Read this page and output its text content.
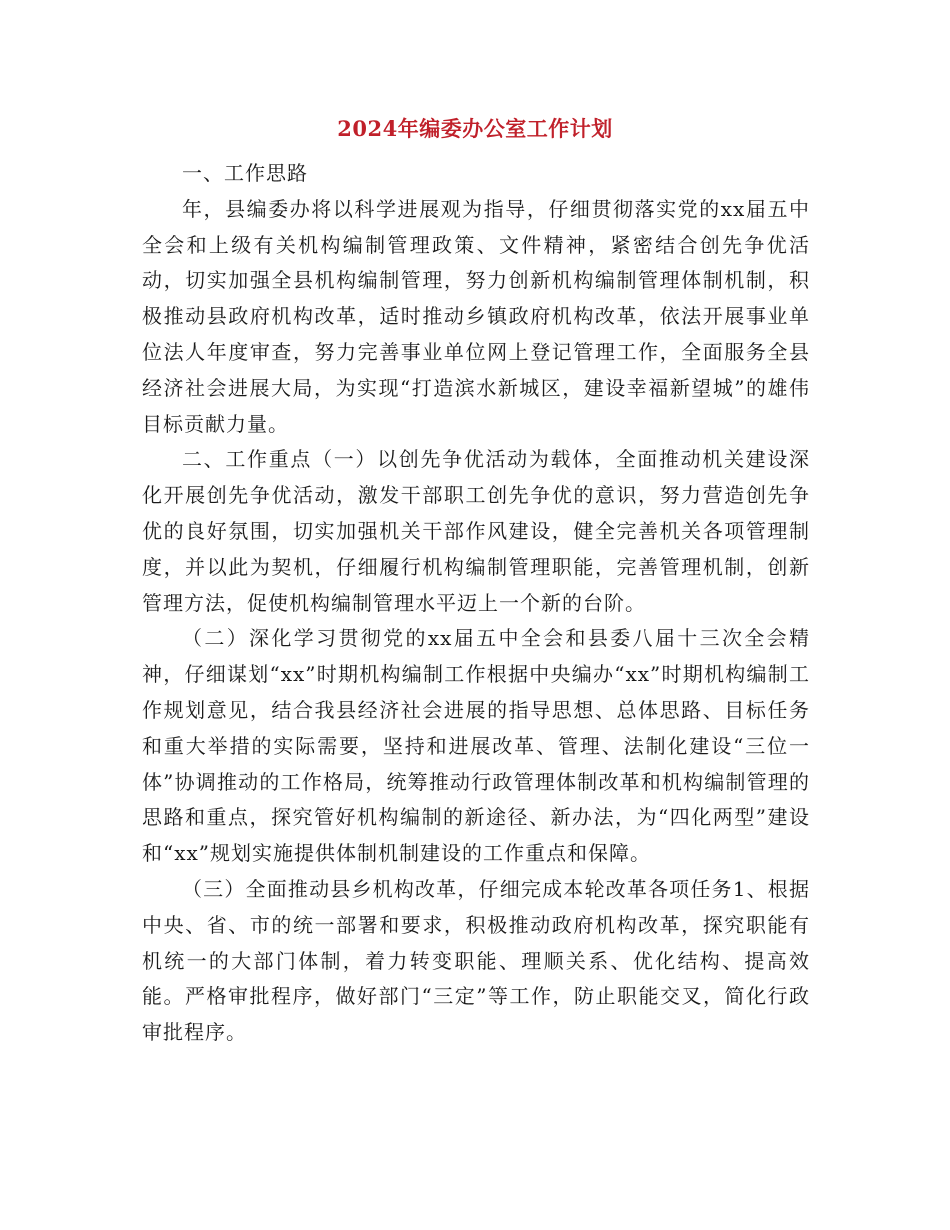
2024年编委办公室工作计划

一、工作思路

年，县编委办将以科学进展观为指导，仔细贯彻落实党的xx届五中全会和上级有关机构编制管理政策、文件精神，紧密结合创先争优活动，切实加强全县机构编制管理，努力创新机构编制管理体制机制，积极推动县政府机构改革，适时推动乡镇政府机构改革，依法开展事业单位法人年度审查，努力完善事业单位网上登记管理工作，全面服务全县经济社会进展大局，为实现“打造滨水新城区，建设幸福新望城”的雄伟目标贡献力量。

二、工作重点（一）以创先争优活动为载体，全面推动机关建设深化开展创先争优活动，激发干部职工创先争优的意识，努力营造创先争优的良好氛围，切实加强机关干部作风建设，健全完善机关各项管理制度，并以此为契机，仔细履行机构编制管理职能，完善管理机制，创新管理方法，促使机构编制管理水平迈上一个新的台阶。

（二）深化学习贯彻党的xx届五中全会和县委八届十三次全会精神，仔细谋划“xx”时期机构编制工作根据中央编办“xx”时期机构编制工作规划意见，结合我县经济社会进展的指导思想、总体思路、目标任务和重大举措的实际需要，坚持和进展改革、管理、法制化建设“三位一体”协调推动的工作格局，统筹推动行政管理体制改革和机构编制管理的思路和重点，探究管好机构编制的新途径、新办法，为“四化两型”建设和“xx”规划实施提供体制机制建设的工作重点和保障。

（三）全面推动县乡机构改革，仔细完成本轮改革各项任务1、根据中央、省、市的统一部署和要求，积极推动政府机构改革，探究职能有机统一的大部门体制，着力转变职能、理顺关系、优化结构、提高效能。严格审批程序，做好部门“三定”等工作，防止职能交叉，简化行政审批程序。
